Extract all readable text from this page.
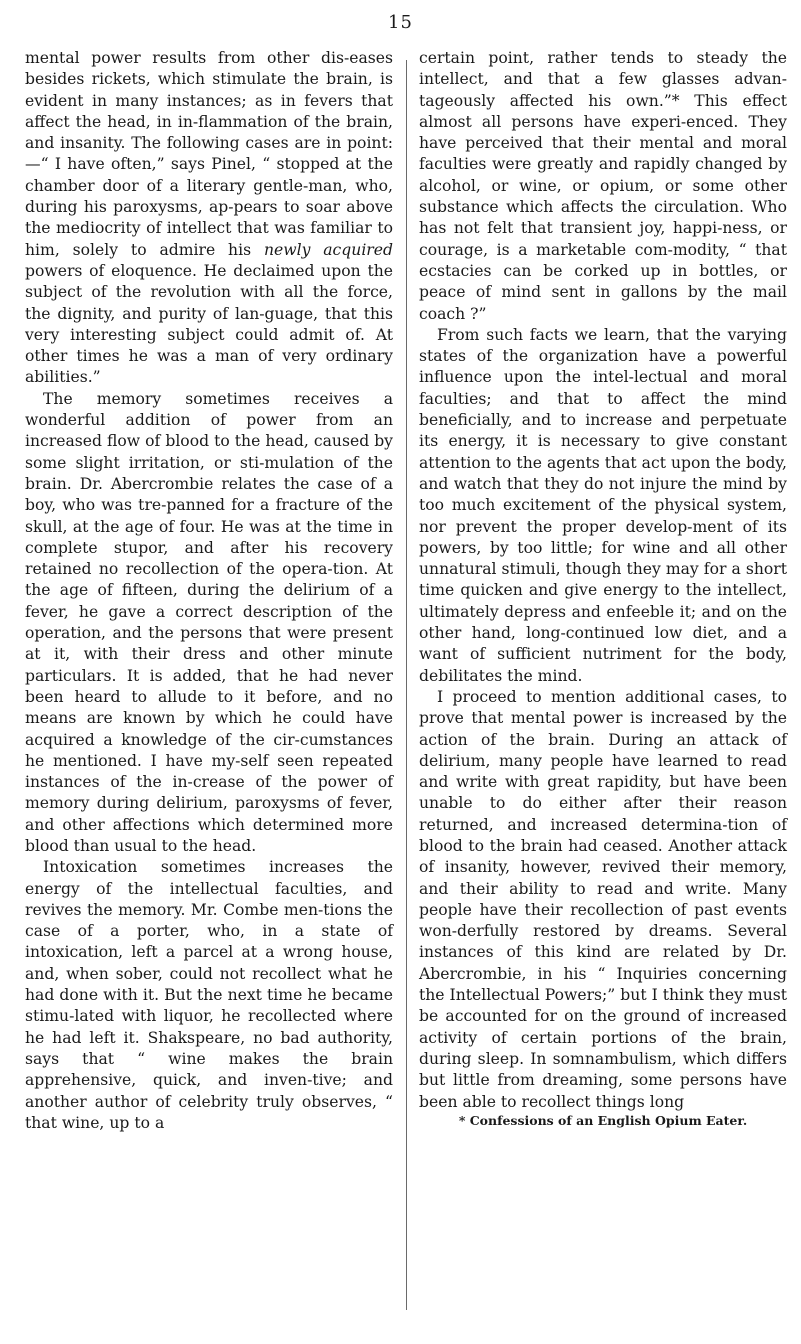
15

mental power results from other dis-eases besides rickets, which stimulate the brain, is evident in many instances; as in fevers that affect the head, in in-flammation of the brain, and insanity. The following cases are in point:—“ I have often,” says Pinel, “ stopped at the chamber door of a literary gentle-man, who, during his paroxysms, ap-pears to soar above the mediocrity of intellect that was familiar to him, solely to admire his newly acquired powers of eloquence. He declaimed upon the subject of the revolution with all the force, the dignity, and purity of lan-guage, that this very interesting subject could admit of. At other times he was a man of very ordinary abilities.”

The memory sometimes receives a wonderful addition of power from an increased flow of blood to the head, caused by some slight irritation, or sti-mulation of the brain. Dr. Abercrombie relates the case of a boy, who was tre-panned for a fracture of the skull, at the age of four. He was at the time in complete stupor, and after his recovery retained no recollection of the opera-tion. At the age of fifteen, during the delirium of a fever, he gave a correct description of the operation, and the persons that were present at it, with their dress and other minute particulars. It is added, that he had never been heard to allude to it before, and no means are known by which he could have acquired a knowledge of the cir-cumstances he mentioned. I have my-self seen repeated instances of the in-crease of the power of memory during delirium, paroxysms of fever, and other affections which determined more blood than usual to the head.

Intoxication sometimes increases the energy of the intellectual faculties, and revives the memory. Mr. Combe men-tions the case of a porter, who, in a state of intoxication, left a parcel at a wrong house, and, when sober, could not recollect what he had done with it. But the next time he became stimu-lated with liquor, he recollected where he had left it. Shakspeare, no bad authority, says that “ wine makes the brain apprehensive, quick, and inven-tive; and another author of celebrity truly observes, “ that wine, up to a

certain point, rather tends to steady the intellect, and that a few glasses advan-tageously affected his own.”* This effect almost all persons have experi-enced. They have perceived that their mental and moral faculties were greatly and rapidly changed by alcohol, or wine, or opium, or some other substance which affects the circulation. Who has not felt that transient joy, happi-ness, or courage, is a marketable com-modity, “ that ecstacies can be corked up in bottles, or peace of mind sent in gallons by the mail coach ?”

From such facts we learn, that the varying states of the organization have a powerful influence upon the intel-lectual and moral faculties; and that to affect the mind beneficially, and to increase and perpetuate its energy, it is necessary to give constant attention to the agents that act upon the body, and watch that they do not injure the mind by too much excitement of the physical system, nor prevent the proper develop-ment of its powers, by too little; for wine and all other unnatural stimuli, though they may for a short time quicken and give energy to the intellect, ultimately depress and enfeeble it; and on the other hand, long-continued low diet, and a want of sufficient nutriment for the body, debilitates the mind.

I proceed to mention additional cases, to prove that mental power is increased by the action of the brain. During an attack of delirium, many people have learned to read and write with great rapidity, but have been unable to do either after their reason returned, and increased determina-tion of blood to the brain had ceased. Another attack of insanity, however, revived their memory, and their ability to read and write. Many people have their recollection of past events won-derfully restored by dreams. Several instances of this kind are related by Dr. Abercrombie, in his “ Inquiries concerning the Intellectual Powers;” but I think they must be accounted for on the ground of increased activity of certain portions of the brain, during sleep. In somnambulism, which differs but little from dreaming, some persons have been able to recollect things long

* Confessions of an English Opium Eater.
